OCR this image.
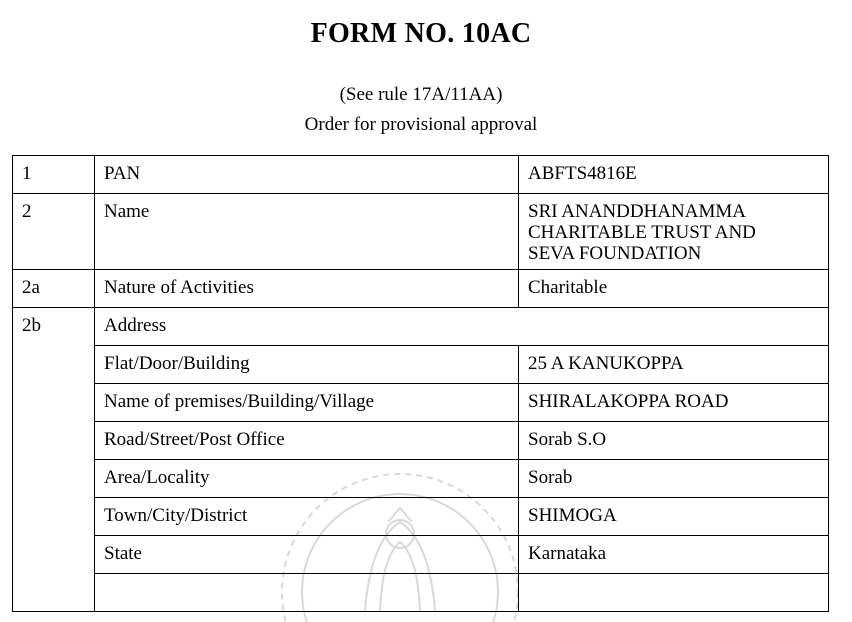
FORM NO. 10AC
(See rule 17A/11AA)
Order for provisional approval
1	PAN	ABFTS4816E
2	Name	SRI ANANDDHANAMMA
CHARITABLE TRUST AND
SEVA FOUNDATION
2a	Nature of Activities	Charitable
2b	Address	
	Flat/Door/Building	25 A KANUKOPPA
	Name of premises/Building/Village	SHIRALAKOPPA ROAD
	Road/Street/Post Office	Sorab S.O
	Area/Locality	Sorab
	Town/City/District	SHIMOGA
	State	Karnataka
